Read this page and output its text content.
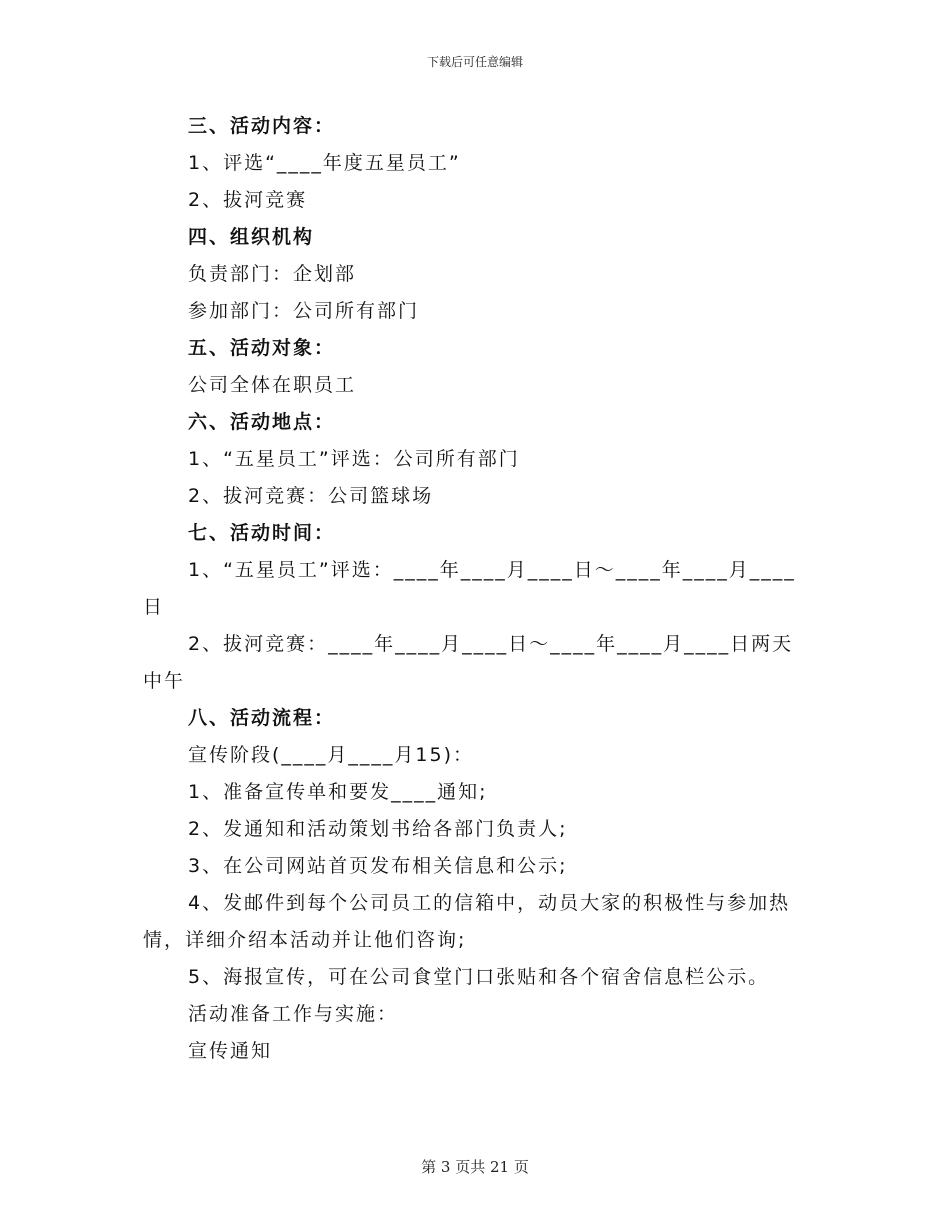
下载后可任意编辑

三、活动内容：

1、评选“____年度五星员工”

2、拔河竞赛

四、组织机构

负责部门：企划部

参加部门：公司所有部门

五、活动对象：

公司全体在职员工

六、活动地点：

1、“五星员工”评选：公司所有部门

2、拔河竞赛：公司篮球场

七、活动时间：

1、“五星员工”评选：____年____月____日～____年____月____日

2、拔河竞赛：____年____月____日～____年____月____日两天中午

八、活动流程：

宣传阶段(____月____月15)：

1、准备宣传单和要发____通知;

2、发通知和活动策划书给各部门负责人;

3、在公司网站首页发布相关信息和公示;

4、发邮件到每个公司员工的信箱中，动员大家的积极性与参加热情，详细介绍本活动并让他们咨询;

5、海报宣传，可在公司食堂门口张贴和各个宿舍信息栏公示。

活动准备工作与实施：

宣传通知

第 3 页共 21 页
